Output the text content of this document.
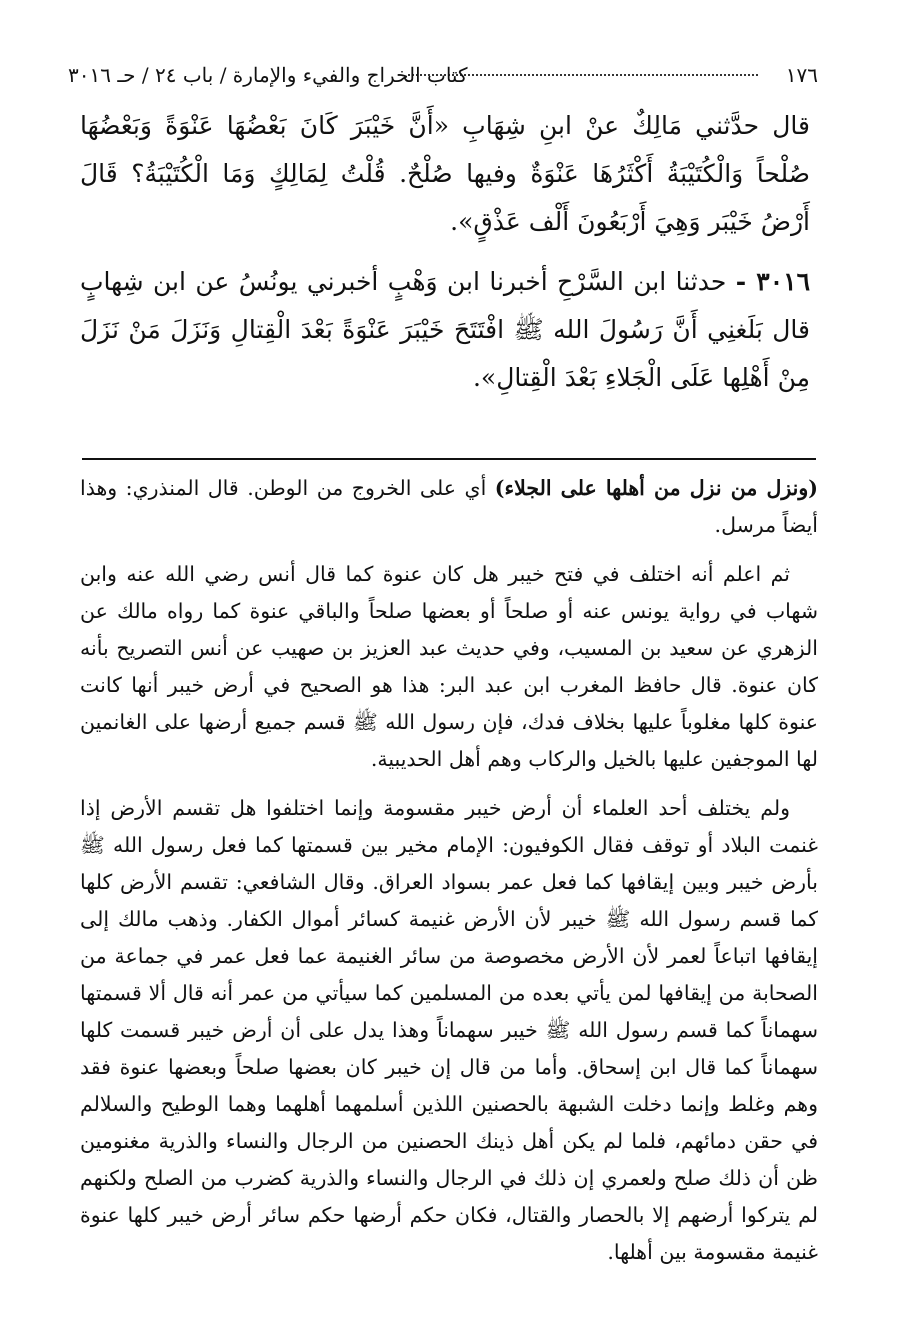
١٧٦
كتاب الخراج والفيء والإمارة / باب ٢٤ / حـ ٣٠١٦

قال حدَّثني مَالِكٌ عنْ ابنِ شِهَابِ «أَنَّ خَيْبَرَ كَانَ بَعْضُهَا عَنْوَةً وَبَعْضُهَا صُلْحاً وَالْكُتَيْبَةُ أَكْثَرُهَا عَنْوَةٌ وفيها صُلْحٌ. قُلْتُ لِمَالِكٍ وَمَا الْكُتَيْبَةُ؟ قَالَ أَرْضُ خَيْبَر وَهِيَ أَرْبَعُونَ أَلْف عَذْقٍ».

٣٠١٦ - حدثنا ابن السَّرْحِ أخبرنا ابن وَهْبٍ أخبرني يونُسُ عن ابن شِهابٍ قال بَلَغنِي أَنَّ رَسُولَ الله ﷺ افْتَتَحَ خَيْبَرَ عَنْوَةً بَعْدَ الْقِتالِ وَنَزَلَ مَنْ نَزَلَ مِنْ أَهْلِها عَلَى الْجَلاءِ بَعْدَ الْقِتالِ».

(ونزل من نزل من أهلها على الجلاء) أي على الخروج من الوطن. قال المنذري: وهذا أيضاً مرسل.

ثم اعلم أنه اختلف في فتح خيبر هل كان عنوة كما قال أنس رضي الله عنه وابن شهاب في رواية يونس عنه أو صلحاً أو بعضها صلحاً والباقي عنوة كما رواه مالك عن الزهري عن سعيد بن المسيب، وفي حديث عبد العزيز بن صهيب عن أنس التصريح بأنه كان عنوة. قال حافظ المغرب ابن عبد البر: هذا هو الصحيح في أرض خيبر أنها كانت عنوة كلها مغلوباً عليها بخلاف فدك، فإن رسول الله ﷺ قسم جميع أرضها على الغانمين لها الموجفين عليها بالخيل والركاب وهم أهل الحديبية.

ولم يختلف أحد العلماء أن أرض خيبر مقسومة وإنما اختلفوا هل تقسم الأرض إذا غنمت البلاد أو توقف فقال الكوفيون: الإمام مخير بين قسمتها كما فعل رسول الله ﷺ بأرض خيبر وبين إيقافها كما فعل عمر بسواد العراق. وقال الشافعي: تقسم الأرض كلها كما قسم رسول الله ﷺ خيبر لأن الأرض غنيمة كسائر أموال الكفار. وذهب مالك إلى إيقافها اتباعاً لعمر لأن الأرض مخصوصة من سائر الغنيمة عما فعل عمر في جماعة من الصحابة من إيقافها لمن يأتي بعده من المسلمين كما سيأتي من عمر أنه قال ألا قسمتها سهماناً كما قسم رسول الله ﷺ خيبر سهماناً وهذا يدل على أن أرض خيبر قسمت كلها سهماناً كما قال ابن إسحاق. وأما من قال إن خيبر كان بعضها صلحاً وبعضها عنوة فقد وهم وغلط وإنما دخلت الشبهة بالحصنين اللذين أسلمهما أهلهما وهما الوطيح والسلالم في حقن دمائهم، فلما لم يكن أهل ذينك الحصنين من الرجال والنساء والذرية مغنومين ظن أن ذلك صلح ولعمري إن ذلك في الرجال والنساء والذرية كضرب من الصلح ولكنهم لم يتركوا أرضهم إلا بالحصار والقتال، فكان حكم أرضها حكم سائر أرض خيبر كلها عنوة غنيمة مقسومة بين أهلها.
